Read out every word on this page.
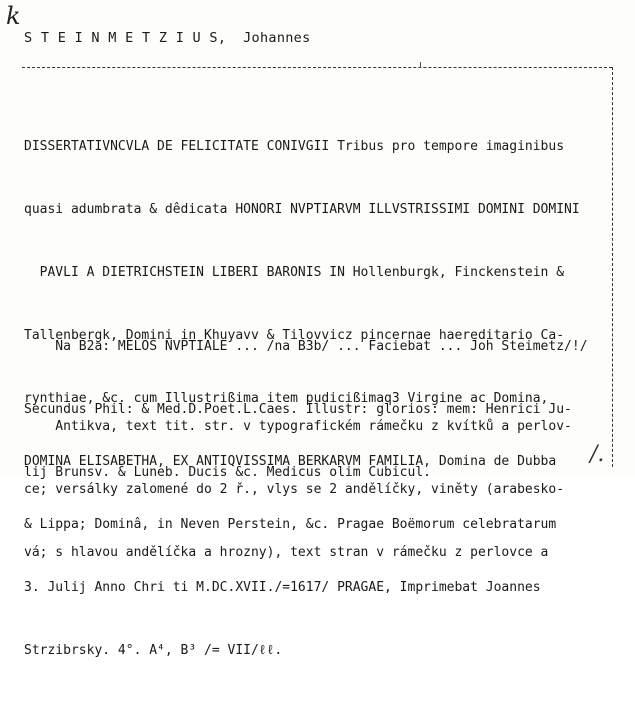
k
S T E I N M E T Z I U S,  Johannes

DISSERTATIVNCVLA DE FELICITATE CONIVGII Tribus pro tempore imaginibus

quasi adumbrata & dêdicata HONORI NVPTIARVM ILLVSTRISSIMI DOMINI DOMINI

PAVLI A DIETRICHSTEIN LIBERI BARONIS IN Hollenburgk, Finckenstein &

Tallenbergk, Domini in Khuyavv & Tilovvicz pincernae haereditario Ca-

rynthiae, &c. cum Illustrißima item pudicißimaq3 Virgine ac Domina,

DOMINA ELISABETHA, EX ANTIQVISSIMA BERKARVM FAMILIA, Domina de Dubba

& Lippa; Dominâ, in Neven Perstein, &c. Pragae Boëmorum celebratarum

3. Julij Anno Chri ti M.DC.XVII./=1617/ PRAGAE, Imprimebat Joannes

Strzibrsky. 4°. A⁴, B³ /= VII/ℓℓ.

Na B2a: MELOS NVPTIALE ... /na B3b/ ... Faciebat ... Joh Steimetz/!/

Secundus Phil: & Med.D.Poet.L.Caes. Illustr: glorios: mem: Henrici Ju-

lij Brunsv. & Luneb. Ducis &c. Medicus olim Cubicul.

Antikva, text tit. str. v typografickém rámečku z kvítků a perlov-

ce; versálky zalomené do 2 ř., vlys se 2 andělíčky, viněty (arabesko-

vá; s hlavou andělíčka a hrozny), text stran v rámečku z perlovce a

/.
